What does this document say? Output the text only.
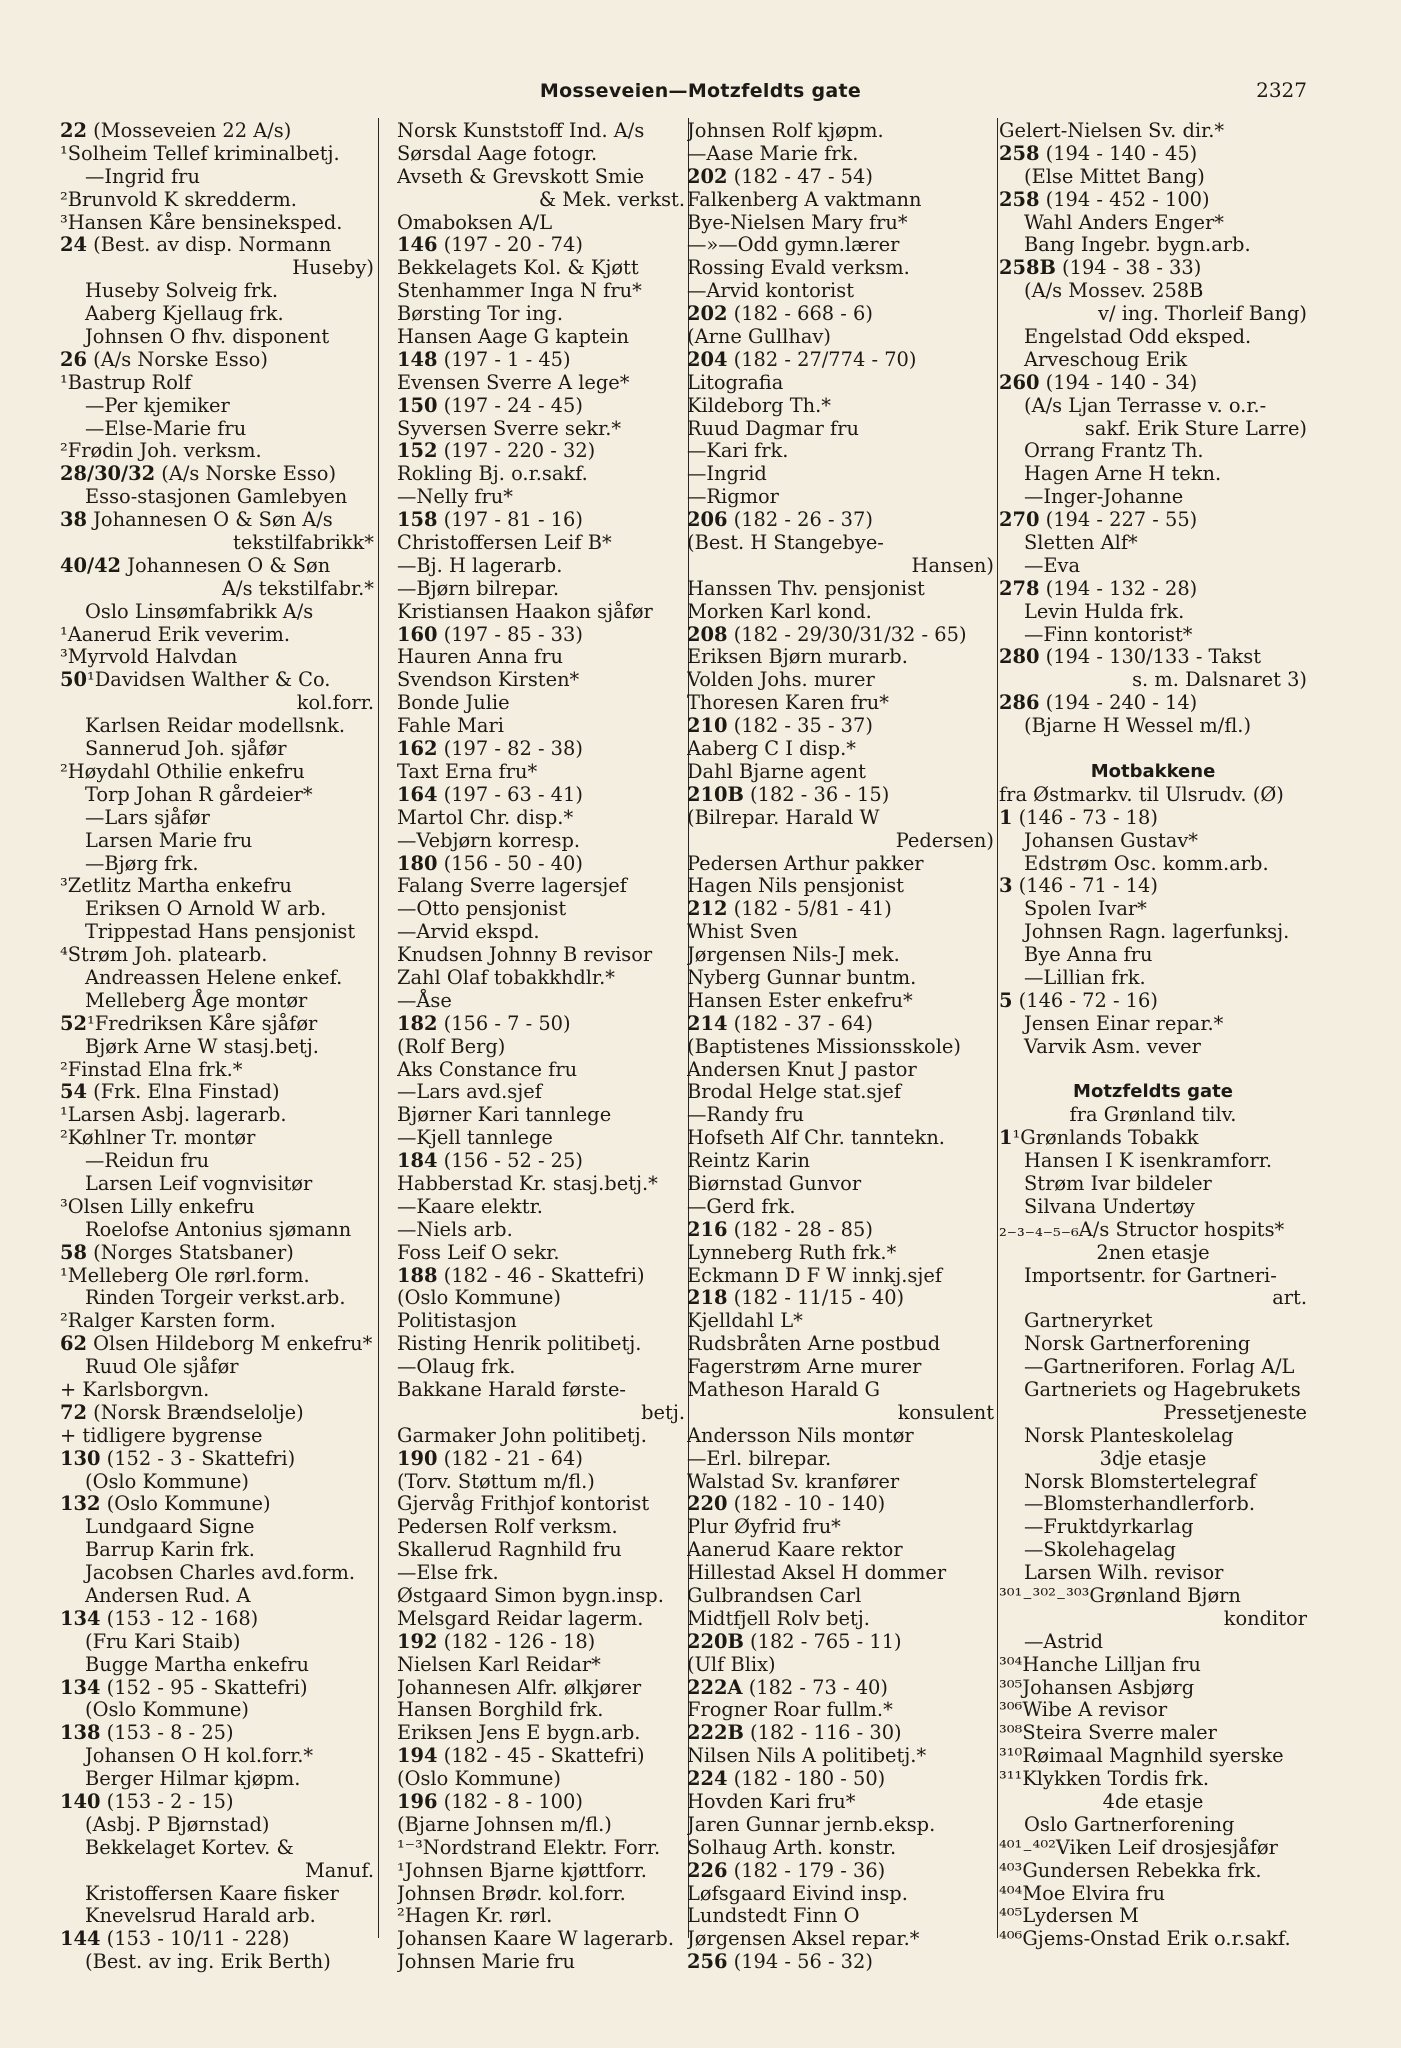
Mosseveien—Motzfeldts gate	2327
22 (Mosseveien 22 A/s)
¹Solheim Tellef kriminalbetj.
—Ingrid fru
²Brunvold K skredderm.
³Hansen Kåre bensineksped.
24 (Best. av disp. Normann
Huseby)
Huseby Solveig frk.
Aaberg Kjellaug frk.
Johnsen O fhv. disponent
26 (A/s Norske Esso)
¹Bastrup Rolf
—Per kjemiker
—Else-Marie fru
²Frødin Joh. verksm.
28/30/32 (A/s Norske Esso)
Esso-stasjonen Gamlebyen
38 Johannesen O & Søn A/s
tekstilfabrikk*
40/42 Johannesen O & Søn
A/s tekstilfabr.*
Oslo Linsømfabrikk A/s
¹Aanerud Erik veverim.
³Myrvold Halvdan
50¹Davidsen Walther & Co.
kol.forr.
Karlsen Reidar modellsnk.
Sannerud Joh. sjåfør
²Høydahl Othilie enkefru
Torp Johan R gårdeier*
—Lars sjåfør
Larsen Marie fru
—Bjørg frk.
³Zetlitz Martha enkefru
Eriksen O Arnold W arb.
Trippestad Hans pensjonist
⁴Strøm Joh. platearb.
Andreassen Helene enkef.
Melleberg Åge montør
52¹Fredriksen Kåre sjåfør
Bjørk Arne W stasj.betj.
²Finstad Elna frk.*
54 (Frk. Elna Finstad)
¹Larsen Asbj. lagerarb.
²Køhlner Tr. montør
—Reidun fru
Larsen Leif vognvisitør
³Olsen Lilly enkefru
Roelofse Antonius sjømann
58 (Norges Statsbaner)
¹Melleberg Ole rørl.form.
Rinden Torgeir verkst.arb.
²Ralger Karsten form.
62 Olsen Hildeborg M enkefru*
Ruud Ole sjåfør
+ Karlsborgvn.
72 (Norsk Brændselolje)
+ tidligere bygrense
130 (152 - 3 - Skattefri)
(Oslo Kommune)
132 (Oslo Kommune)
Lundgaard Signe
Barrup Karin frk.
Jacobsen Charles avd.form.
Andersen Rud. A
134 (153 - 12 - 168)
(Fru Kari Staib)
Bugge Martha enkefru
134 (152 - 95 - Skattefri)
(Oslo Kommune)
138 (153 - 8 - 25)
Johansen O H kol.forr.*
Berger Hilmar kjøpm.
140 (153 - 2 - 15)
(Asbj. P Bjørnstad)
Bekkelaget Kortev. &
Manuf.
Kristoffersen Kaare fisker
Knevelsrud Harald arb.
144 (153 - 10/11 - 228)
(Best. av ing. Erik Berth)
Norsk Kunststoff Ind. A/s
Sørsdal Aage fotogr.
Avseth & Grevskott Smie
& Mek. verkst.
Omaboksen A/L
146 (197 - 20 - 74)
Bekkelagets Kol. & Kjøtt
Stenhammer Inga N fru*
Børsting Tor ing.
Hansen Aage G kaptein
148 (197 - 1 - 45)
Evensen Sverre A lege*
150 (197 - 24 - 45)
Syversen Sverre sekr.*
152 (197 - 220 - 32)
Rokling Bj. o.r.sakf.
—Nelly fru*
158 (197 - 81 - 16)
Christoffersen Leif B*
—Bj. H lagerarb.
—Bjørn bilrepar.
Kristiansen Haakon sjåfør
160 (197 - 85 - 33)
Hauren Anna fru
Svendson Kirsten*
Bonde Julie
Fahle Mari
162 (197 - 82 - 38)
Taxt Erna fru*
164 (197 - 63 - 41)
Martol Chr. disp.*
—Vebjørn korresp.
180 (156 - 50 - 40)
Falang Sverre lagersjef
—Otto pensjonist
—Arvid ekspd.
Knudsen Johnny B revisor
Zahl Olaf tobakkhdlr.*
—Åse
182 (156 - 7 - 50)
(Rolf Berg)
Aks Constance fru
—Lars avd.sjef
Bjørner Kari tannlege
—Kjell tannlege
184 (156 - 52 - 25)
Habberstad Kr. stasj.betj.*
—Kaare elektr.
—Niels arb.
Foss Leif O sekr.
188 (182 - 46 - Skattefri)
(Oslo Kommune)
Politistasjon
Risting Henrik politibetj.
—Olaug frk.
Bakkane Harald første-
betj.
Garmaker John politibetj.
190 (182 - 21 - 64)
(Torv. Støttum m/fl.)
Gjervåg Frithjof kontorist
Pedersen Rolf verksm.
Skallerud Ragnhild fru
—Else frk.
Østgaard Simon bygn.insp.
Melsgard Reidar lagerm.
192 (182 - 126 - 18)
Nielsen Karl Reidar*
Johannesen Alfr. ølkjører
Hansen Borghild frk.
Eriksen Jens E bygn.arb.
194 (182 - 45 - Skattefri)
(Oslo Kommune)
196 (182 - 8 - 100)
(Bjarne Johnsen m/fl.)
¹⁻³Nordstrand Elektr. Forr.
¹Johnsen Bjarne kjøttforr.
Johnsen Brødr. kol.forr.
²Hagen Kr. rørl.
Johansen Kaare W lagerarb.
Johnsen Marie fru
Johnsen Rolf kjøpm.
—Aase Marie frk.
202 (182 - 47 - 54)
Falkenberg A vaktmann
Bye-Nielsen Mary fru*
—»—Odd gymn.lærer
Rossing Evald verksm.
—Arvid kontorist
202 (182 - 668 - 6)
(Arne Gullhav)
204 (182 - 27/774 - 70)
Litografia
Kildeborg Th.*
Ruud Dagmar fru
—Kari frk.
—Ingrid
—Rigmor
206 (182 - 26 - 37)
(Best. H Stangebye-
Hansen)
Hanssen Thv. pensjonist
Morken Karl kond.
208 (182 - 29/30/31/32 - 65)
Eriksen Bjørn murarb.
Volden Johs. murer
Thoresen Karen fru*
210 (182 - 35 - 37)
Aaberg C I disp.*
Dahl Bjarne agent
210B (182 - 36 - 15)
(Bilrepar. Harald W
Pedersen)
Pedersen Arthur pakker
Hagen Nils pensjonist
212 (182 - 5/81 - 41)
Whist Sven
Jørgensen Nils-J mek.
Nyberg Gunnar buntm.
Hansen Ester enkefru*
214 (182 - 37 - 64)
(Baptistenes Missionsskole)
Andersen Knut J pastor
Brodal Helge stat.sjef
—Randy fru
Hofseth Alf Chr. tanntekn.
Reintz Karin
Biørnstad Gunvor
—Gerd frk.
216 (182 - 28 - 85)
Lynneberg Ruth frk.*
Eckmann D F W innkj.sjef
218 (182 - 11/15 - 40)
Kjelldahl L*
Rudsbråten Arne postbud
Fagerstrøm Arne murer
Matheson Harald G
konsulent
Andersson Nils montør
—Erl. bilrepar.
Walstad Sv. kranfører
220 (182 - 10 - 140)
Plur Øyfrid fru*
Aanerud Kaare rektor
Hillestad Aksel H dommer
Gulbrandsen Carl
Midtfjell Rolv betj.
220B (182 - 765 - 11)
(Ulf Blix)
222A (182 - 73 - 40)
Frogner Roar fullm.*
222B (182 - 116 - 30)
Nilsen Nils A politibetj.*
224 (182 - 180 - 50)
Hovden Kari fru*
Jaren Gunnar jernb.eksp.
Solhaug Arth. konstr.
226 (182 - 179 - 36)
Løfsgaard Eivind insp.
Lundstedt Finn O
Jørgensen Aksel repar.*
256 (194 - 56 - 32)
Gelert-Nielsen Sv. dir.*
258 (194 - 140 - 45)
(Else Mittet Bang)
258 (194 - 452 - 100)
Wahl Anders Enger*
Bang Ingebr. bygn.arb.
258B (194 - 38 - 33)
(A/s Mossev. 258B
v/ ing. Thorleif Bang)
Engelstad Odd eksped.
Arveschoug Erik
260 (194 - 140 - 34)
(A/s Ljan Terrasse v. o.r.-
sakf. Erik Sture Larre)
Orrang Frantz Th.
Hagen Arne H tekn.
—Inger-Johanne
270 (194 - 227 - 55)
Sletten Alf*
—Eva
278 (194 - 132 - 28)
Levin Hulda frk.
—Finn kontorist*
280 (194 - 130/133 - Takst
s. m. Dalsnaret 3)
286 (194 - 240 - 14)
(Bjarne H Wessel m/fl.)
Motbakkene
fra Østmarkv. til Ulsrudv. (Ø)
1 (146 - 73 - 18)
Johansen Gustav*
Edstrøm Osc. komm.arb.
3 (146 - 71 - 14)
Spolen Ivar*
Johnsen Ragn. lagerfunksj.
Bye Anna fru
—Lillian frk.
5 (146 - 72 - 16)
Jensen Einar repar.*
Varvik Asm. vever
Motzfeldts gate
fra Grønland tilv.
1¹Grønlands Tobakk
Hansen I K isenkramforr.
Strøm Ivar bildeler
Silvana Undertøy
₂₋₃₋₄₋₅₋₆A/s Structor hospits*
2nen etasje
Importsentr. for Gartneri-
art.
Gartneryrket
Norsk Gartnerforening
—Gartneriforen. Forlag A/L
Gartneriets og Hagebrukets
Pressetjeneste
Norsk Planteskolelag
3dje etasje
Norsk Blomstertelegraf
—Blomsterhandlerforb.
—Fruktdyrkarlag
—Skolehagelag
Larsen Wilh. revisor
³⁰¹₋³⁰²₋³⁰³Grønland Bjørn
konditor
—Astrid
³⁰⁴Hanche Lilljan fru
³⁰⁵Johansen Asbjørg
³⁰⁶Wibe A revisor
³⁰⁸Steira Sverre maler
³¹⁰Røimaal Magnhild syerske
³¹¹Klykken Tordis frk.
4de etasje
Oslo Gartnerforening
⁴⁰¹₋⁴⁰²Viken Leif drosjesjåfør
⁴⁰³Gundersen Rebekka frk.
⁴⁰⁴Moe Elvira fru
⁴⁰⁵Lydersen M
⁴⁰⁶Gjems-Onstad Erik o.r.sakf.
